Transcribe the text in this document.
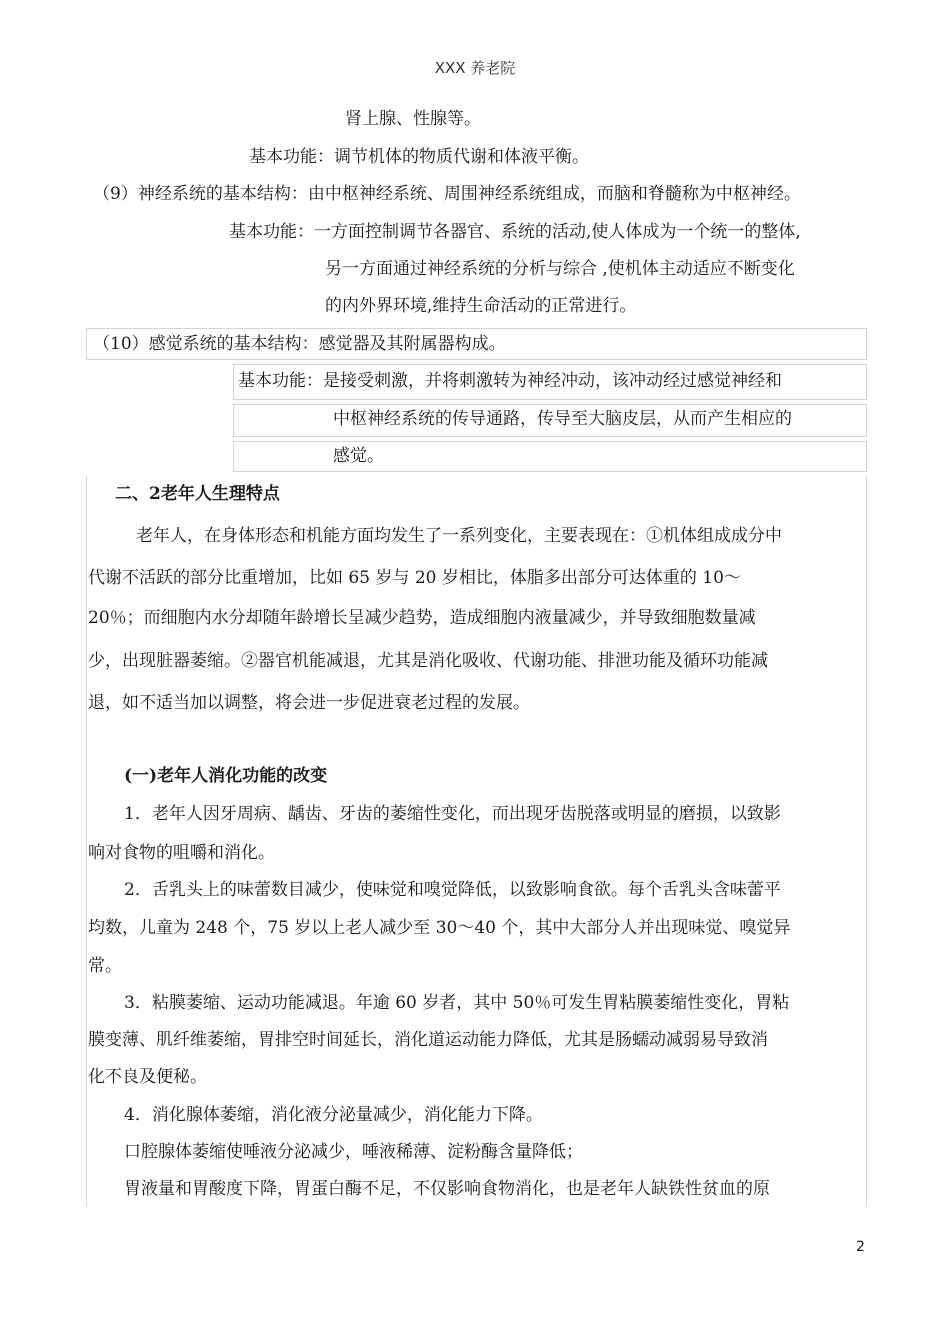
XXX 养老院
肾上腺、性腺等。
基本功能：调节机体的物质代谢和体液平衡。
（9）神经系统的基本结构：由中枢神经系统、周围神经系统组成，而脑和脊髓称为中枢神经。
基本功能：一方面控制调节各器官、系统的活动,使人体成为一个统一的整体,
另一方面通过神经系统的分析与综合 ,使机体主动适应不断变化
的内外界环境,维持生命活动的正常进行。
（10）感觉系统的基本结构：感觉器及其附属器构成。
基本功能：是接受刺激，并将刺激转为神经冲动，该冲动经过感觉神经和
中枢神经系统的传导通路，传导至大脑皮层，从而产生相应的
感觉。
二、2老年人生理特点
老年人，在身体形态和机能方面均发生了一系列变化，主要表现在：①机体组成成分中
代谢不活跃的部分比重增加，比如 65 岁与 20 岁相比，体脂多出部分可达体重的 10～
20％；而细胞内水分却随年龄增长呈减少趋势，造成细胞内液量减少，并导致细胞数量减
少，出现脏器萎缩。②器官机能减退，尤其是消化吸收、代谢功能、排泄功能及循环功能减
退，如不适当加以调整，将会进一步促进衰老过程的发展。
(一)老年人消化功能的改变
1．老年人因牙周病、龋齿、牙齿的萎缩性变化，而出现牙齿脱落或明显的磨损，以致影
响对食物的咀嚼和消化。
2．舌乳头上的味蕾数目减少，使味觉和嗅觉降低，以致影响食欲。每个舌乳头含味蕾平
均数，儿童为 248 个，75 岁以上老人减少至 30～40 个，其中大部分人并出现味觉、嗅觉异
常。
3．粘膜萎缩、运动功能减退。年逾 60 岁者，其中 50％可发生胃粘膜萎缩性变化，胃粘
膜变薄、肌纤维萎缩，胃排空时间延长，消化道运动能力降低，尤其是肠蠕动减弱易导致消
化不良及便秘。
4．消化腺体萎缩，消化液分泌量减少，消化能力下降。
口腔腺体萎缩使唾液分泌减少，唾液稀薄、淀粉酶含量降低；
胃液量和胃酸度下降，胃蛋白酶不足，不仅影响食物消化，也是老年人缺铁性贫血的原
2
